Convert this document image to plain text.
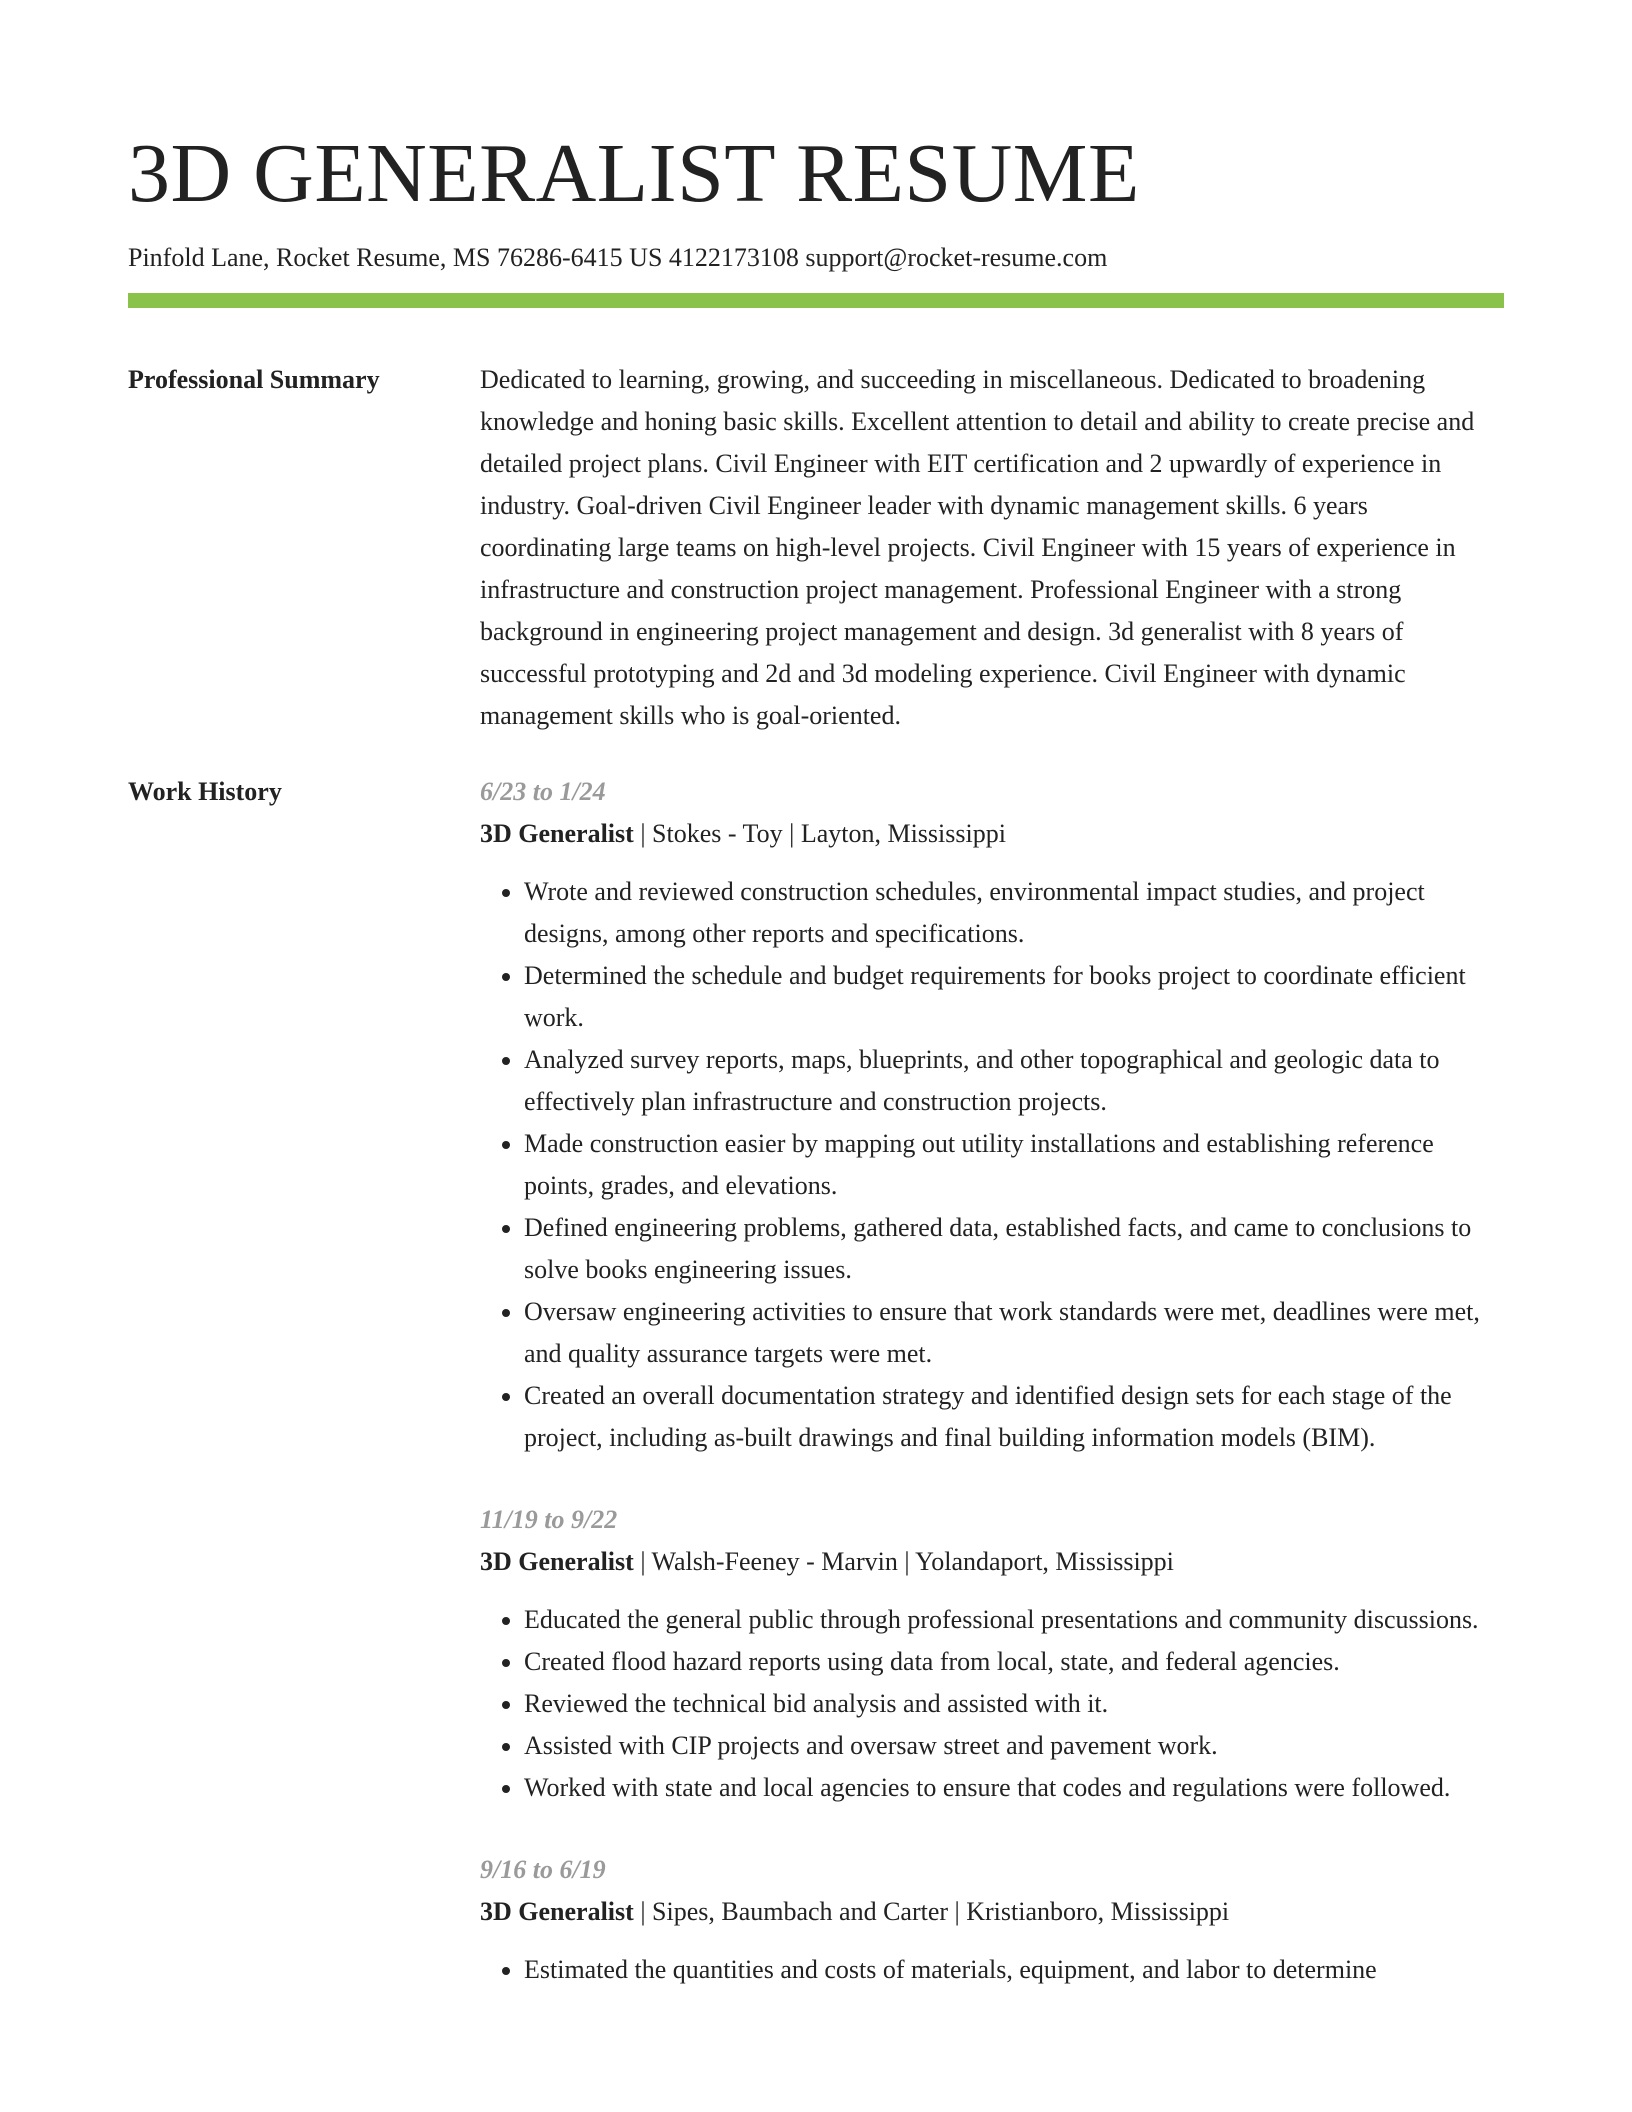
3D GENERALIST RESUME
Pinfold Lane, Rocket Resume, MS 76286-6415 US 4122173108 support@rocket-resume.com
Professional Summary	Dedicated to learning, growing, and succeeding in miscellaneous. Dedicated to broadening knowledge and honing basic skills. Excellent attention to detail and ability to create precise and detailed project plans. Civil Engineer with EIT certification and 2 upwardly of experience in industry. Goal-driven Civil Engineer leader with dynamic management skills. 6 years coordinating large teams on high-level projects. Civil Engineer with 15 years of experience in infrastructure and construction project management. Professional Engineer with a strong background in engineering project management and design. 3d generalist with 8 years of successful prototyping and 2d and 3d modeling experience. Civil Engineer with dynamic management skills who is goal-oriented.

Work History	6/23 to 1/24
3D Generalist | Stokes - Toy | Layton, Mississippi
• Wrote and reviewed construction schedules, environmental impact studies, and project designs, among other reports and specifications.
• Determined the schedule and budget requirements for books project to coordinate efficient work.
• Analyzed survey reports, maps, blueprints, and other topographical and geologic data to effectively plan infrastructure and construction projects.
• Made construction easier by mapping out utility installations and establishing reference points, grades, and elevations.
• Defined engineering problems, gathered data, established facts, and came to conclusions to solve books engineering issues.
• Oversaw engineering activities to ensure that work standards were met, deadlines were met, and quality assurance targets were met.
• Created an overall documentation strategy and identified design sets for each stage of the project, including as-built drawings and final building information models (BIM).
11/19 to 9/22
3D Generalist | Walsh-Feeney - Marvin | Yolandaport, Mississippi
• Educated the general public through professional presentations and community discussions.
• Created flood hazard reports using data from local, state, and federal agencies.
• Reviewed the technical bid analysis and assisted with it.
• Assisted with CIP projects and oversaw street and pavement work.
• Worked with state and local agencies to ensure that codes and regulations were followed.
9/16 to 6/19
3D Generalist | Sipes, Baumbach and Carter | Kristianboro, Mississippi
• Estimated the quantities and costs of materials, equipment, and labor to determine
